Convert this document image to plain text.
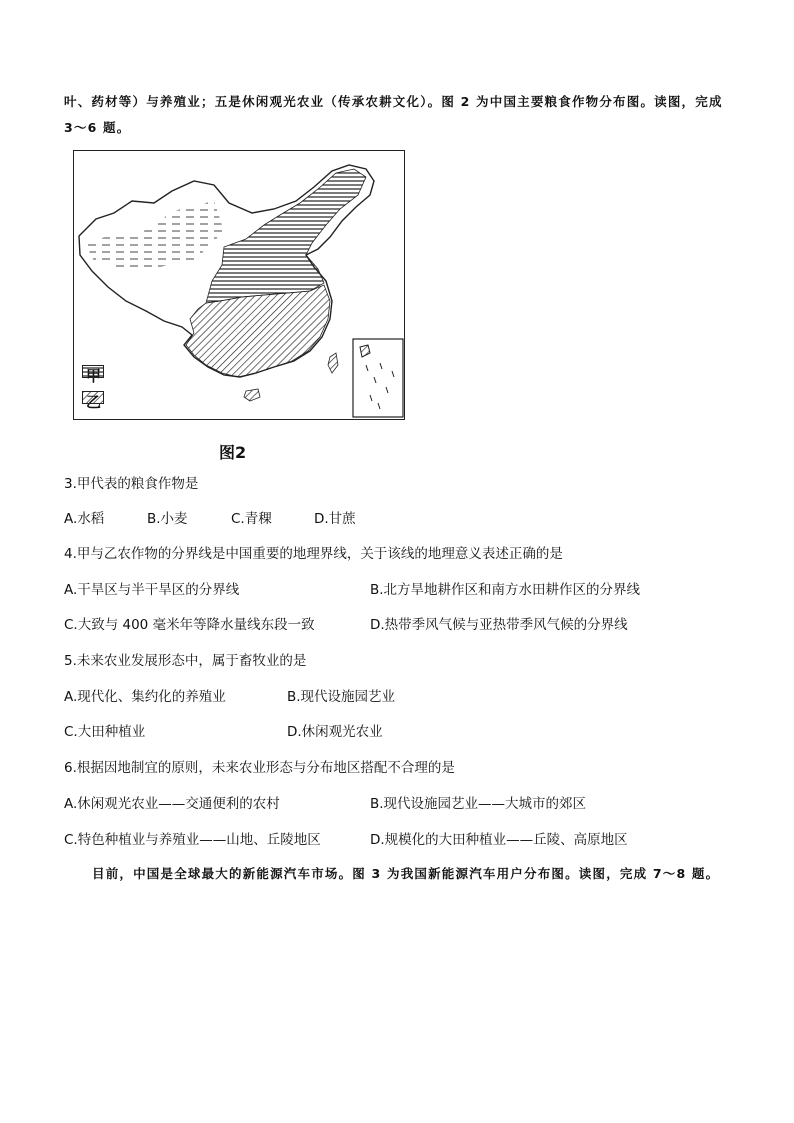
叶、药材等）与养殖业；五是休闲观光农业（传承农耕文化）。图 2 为中国主要粮食作物分布图。读图，完成
3～6 题。
图2
3.甲代表的粮食作物是
A.水稻	B.小麦	C.青稞	D.甘蔗
4.甲与乙农作物的分界线是中国重要的地理界线，关于该线的地理意义表述正确的是
A.干旱区与半干旱区的分界线	B.北方旱地耕作区和南方水田耕作区的分界线
C.大致与 400 毫米年等降水量线东段一致	D.热带季风气候与亚热带季风气候的分界线
5.未来农业发展形态中，属于畜牧业的是
A.现代化、集约化的养殖业	B.现代设施园艺业
C.大田种植业	D.休闲观光农业
6.根据因地制宜的原则，未来农业形态与分布地区搭配不合理的是
A.休闲观光农业——交通便利的农村	B.现代设施园艺业——大城市的郊区
C.特色种植业与养殖业——山地、丘陵地区	D.规模化的大田种植业——丘陵、高原地区
目前，中国是全球最大的新能源汽车市场。图 3 为我国新能源汽车用户分布图。读图，完成 7～8 题。
